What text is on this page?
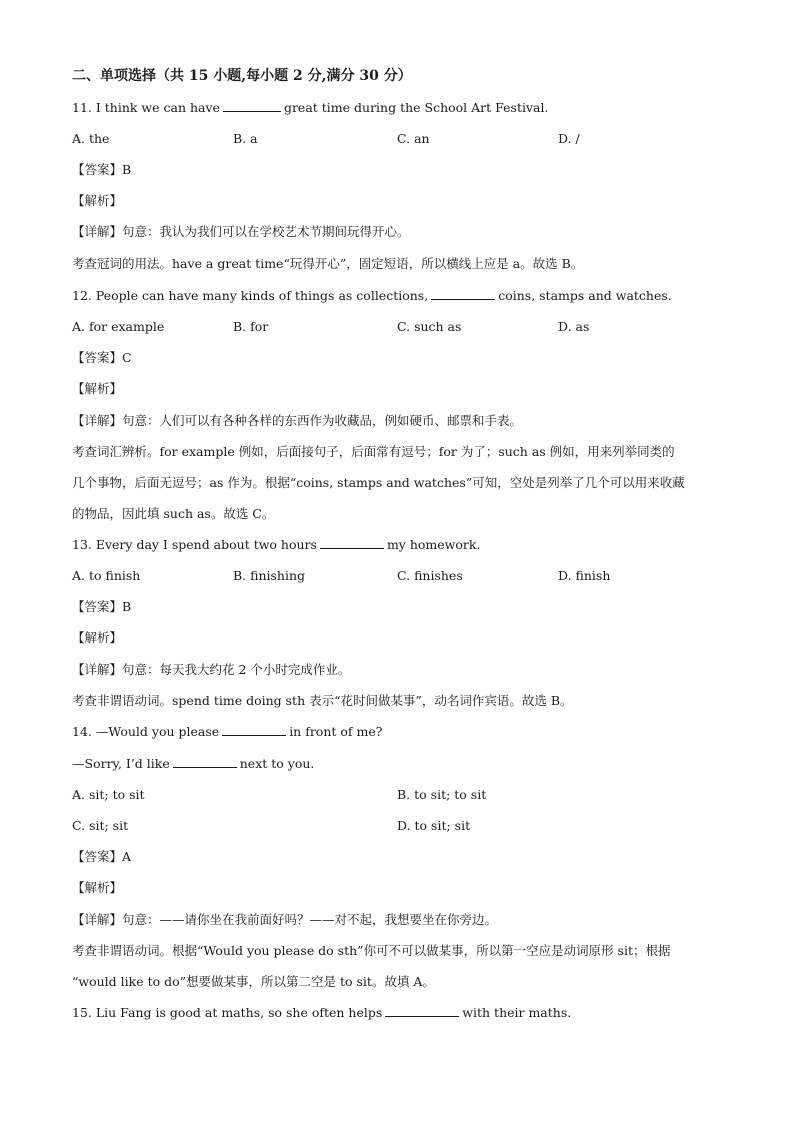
二、单项选择（共 15 小题,每小题 2 分,满分 30 分）
11. I think we can have	great time during the School Art Festival.
A. the	B. a	C. an	D. /
【答案】B
【解析】
【详解】句意：我认为我们可以在学校艺术节期间玩得开心。
考查冠词的用法。have a great time“玩得开心”，固定短语，所以横线上应是 a。故选 B。
12. People can have many kinds of things as collections,	coins, stamps and watches.
A. for example	B. for	C. such as	D. as
【答案】C
【解析】
【详解】句意：人们可以有各种各样的东西作为收藏品，例如硬币、邮票和手表。
考查词汇辨析。for example 例如，后面接句子，后面常有逗号；for 为了；such as 例如，用来列举同类的
几个事物，后面无逗号；as 作为。根据“coins, stamps and watches”可知，空处是列举了几个可以用来收藏
的物品，因此填 such as。故选 C。
13. Every day I spend about two hours	my homework.
A. to finish	B. finishing	C. finishes	D. finish
【答案】B
【解析】
【详解】句意：每天我大约花 2 个小时完成作业。
考查非谓语动词。spend time doing sth 表示“花时间做某事”，动名词作宾语。故选 B。
14. —Would you please	in front of me?
—Sorry, I’d like	next to you.
A. sit; to sit	B. to sit; to sit
C. sit; sit	D. to sit; sit
【答案】A
【解析】
【详解】句意：——请你坐在我前面好吗？——对不起，我想要坐在你旁边。
考查非谓语动词。根据“Would you please do sth”你可不可以做某事，所以第一空应是动词原形 sit；根据
“would like to do”想要做某事，所以第二空是 to sit。故填 A。
15. Liu Fang is good at maths, so she often helps	with their maths.
